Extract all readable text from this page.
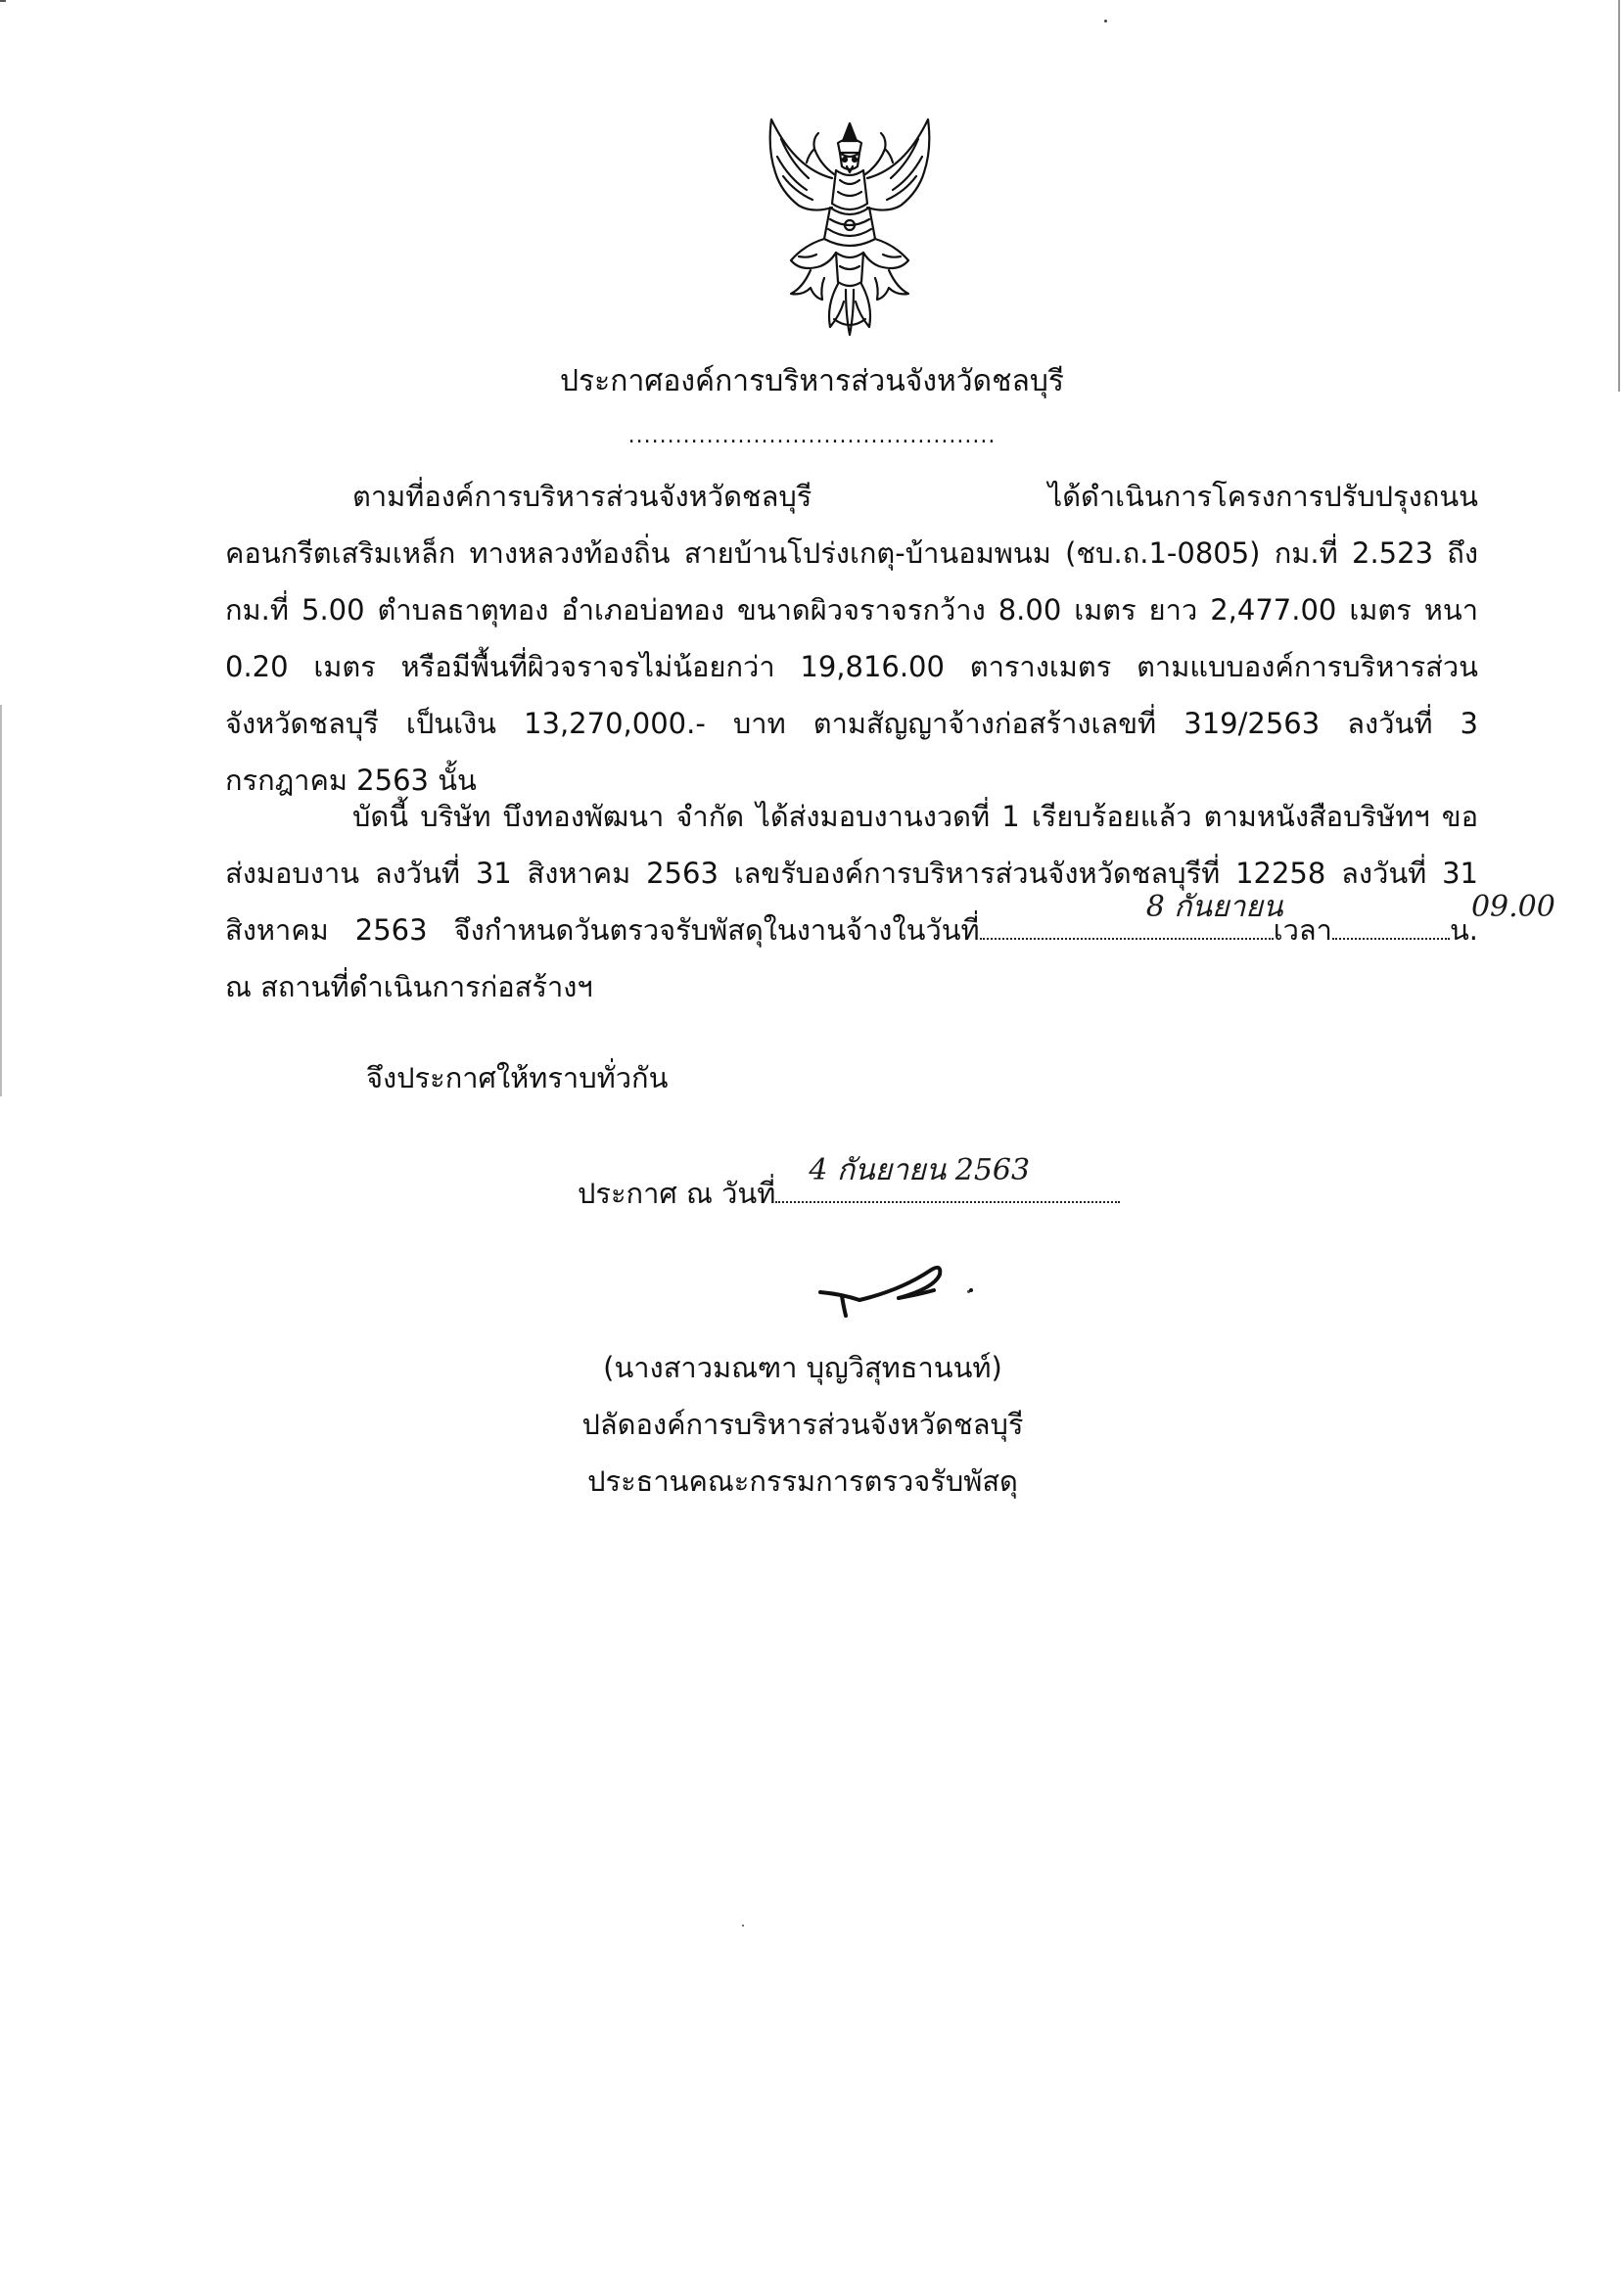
ประกาศองค์การบริหารส่วนจังหวัดชลบุรี
...............................................
ตามที่องค์การบริหารส่วนจังหวัดชลบุรี ได้ดำเนินการโครงการปรับปรุงถนนคอนกรีตเสริมเหล็ก ทางหลวงท้องถิ่น สายบ้านโปร่งเกตุ-บ้านอมพนม (ชบ.ถ.1-0805) กม.ที่ 2.523 ถึง กม.ที่ 5.00 ตำบลธาตุทอง อำเภอบ่อทอง ขนาดผิวจราจรกว้าง 8.00 เมตร ยาว 2,477.00 เมตร หนา 0.20 เมตร หรือมีพื้นที่ผิวจราจรไม่น้อยกว่า 19,816.00 ตารางเมตร ตามแบบองค์การบริหารส่วนจังหวัดชลบุรี เป็นเงิน 13,270,000.- บาท ตามสัญญาจ้างก่อสร้างเลขที่ 319/2563 ลงวันที่ 3 กรกฎาคม 2563 นั้น
บัดนี้ บริษัท บึงทองพัฒนา จำกัด ได้ส่งมอบงานงวดที่ 1 เรียบร้อยแล้ว ตามหนังสือบริษัทฯ ขอส่งมอบงาน ลงวันที่ 31 สิงหาคม 2563 เลขรับองค์การบริหารส่วนจังหวัดชลบุรีที่ 12258 ลงวันที่ 31 สิงหาคม 2563 จึงกำหนดวันตรวจรับพัสดุในงานจ้างในวันที่
8 กันยายน
เวลา
09.00
น. ณ สถานที่ดำเนินการก่อสร้างฯ
จึงประกาศให้ทราบทั่วกัน
ประกาศ ณ วันที่
4 กันยายน 2563
(นางสาวมณฑา บุญวิสุทธานนท์)
ปลัดองค์การบริหารส่วนจังหวัดชลบุรี
ประธานคณะกรรมการตรวจรับพัสดุ
